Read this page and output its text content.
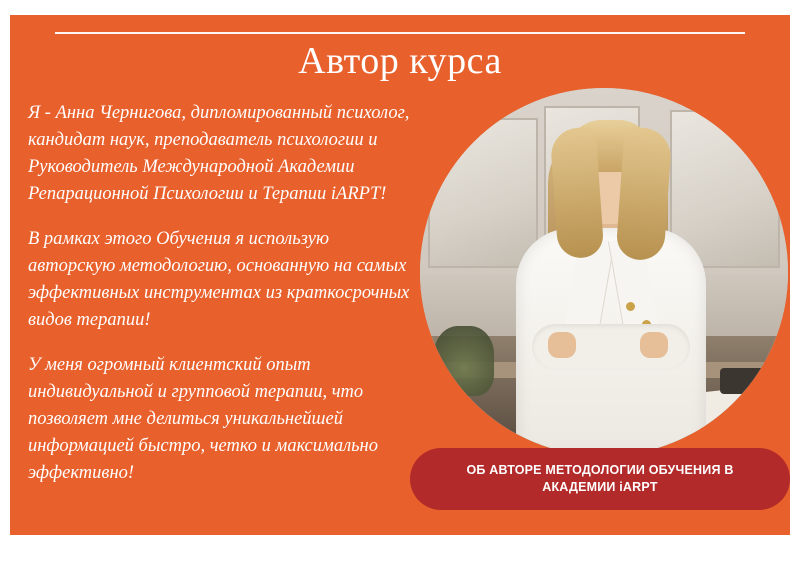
Автор курса

Я - Анна Чернигова, дипломированный психолог, кандидат наук, преподаватель психологии и Руководитель Международной Академии Репарационной Психологии и Терапии iARPT!

В рамках этого Обучения я использую авторскую методологию, основанную на самых эффективных инструментах из краткосрочных видов терапии!

У меня огромный клиентский опыт индивидуальной и групповой терапии, что позволяет мне делиться уникальнейшей информацией быстро, четко и максимально эффективно!	ОБ АВТОРЕ МЕТОДОЛОГИИ ОБУЧЕНИЯ В АКАДЕМИИ iARPT
